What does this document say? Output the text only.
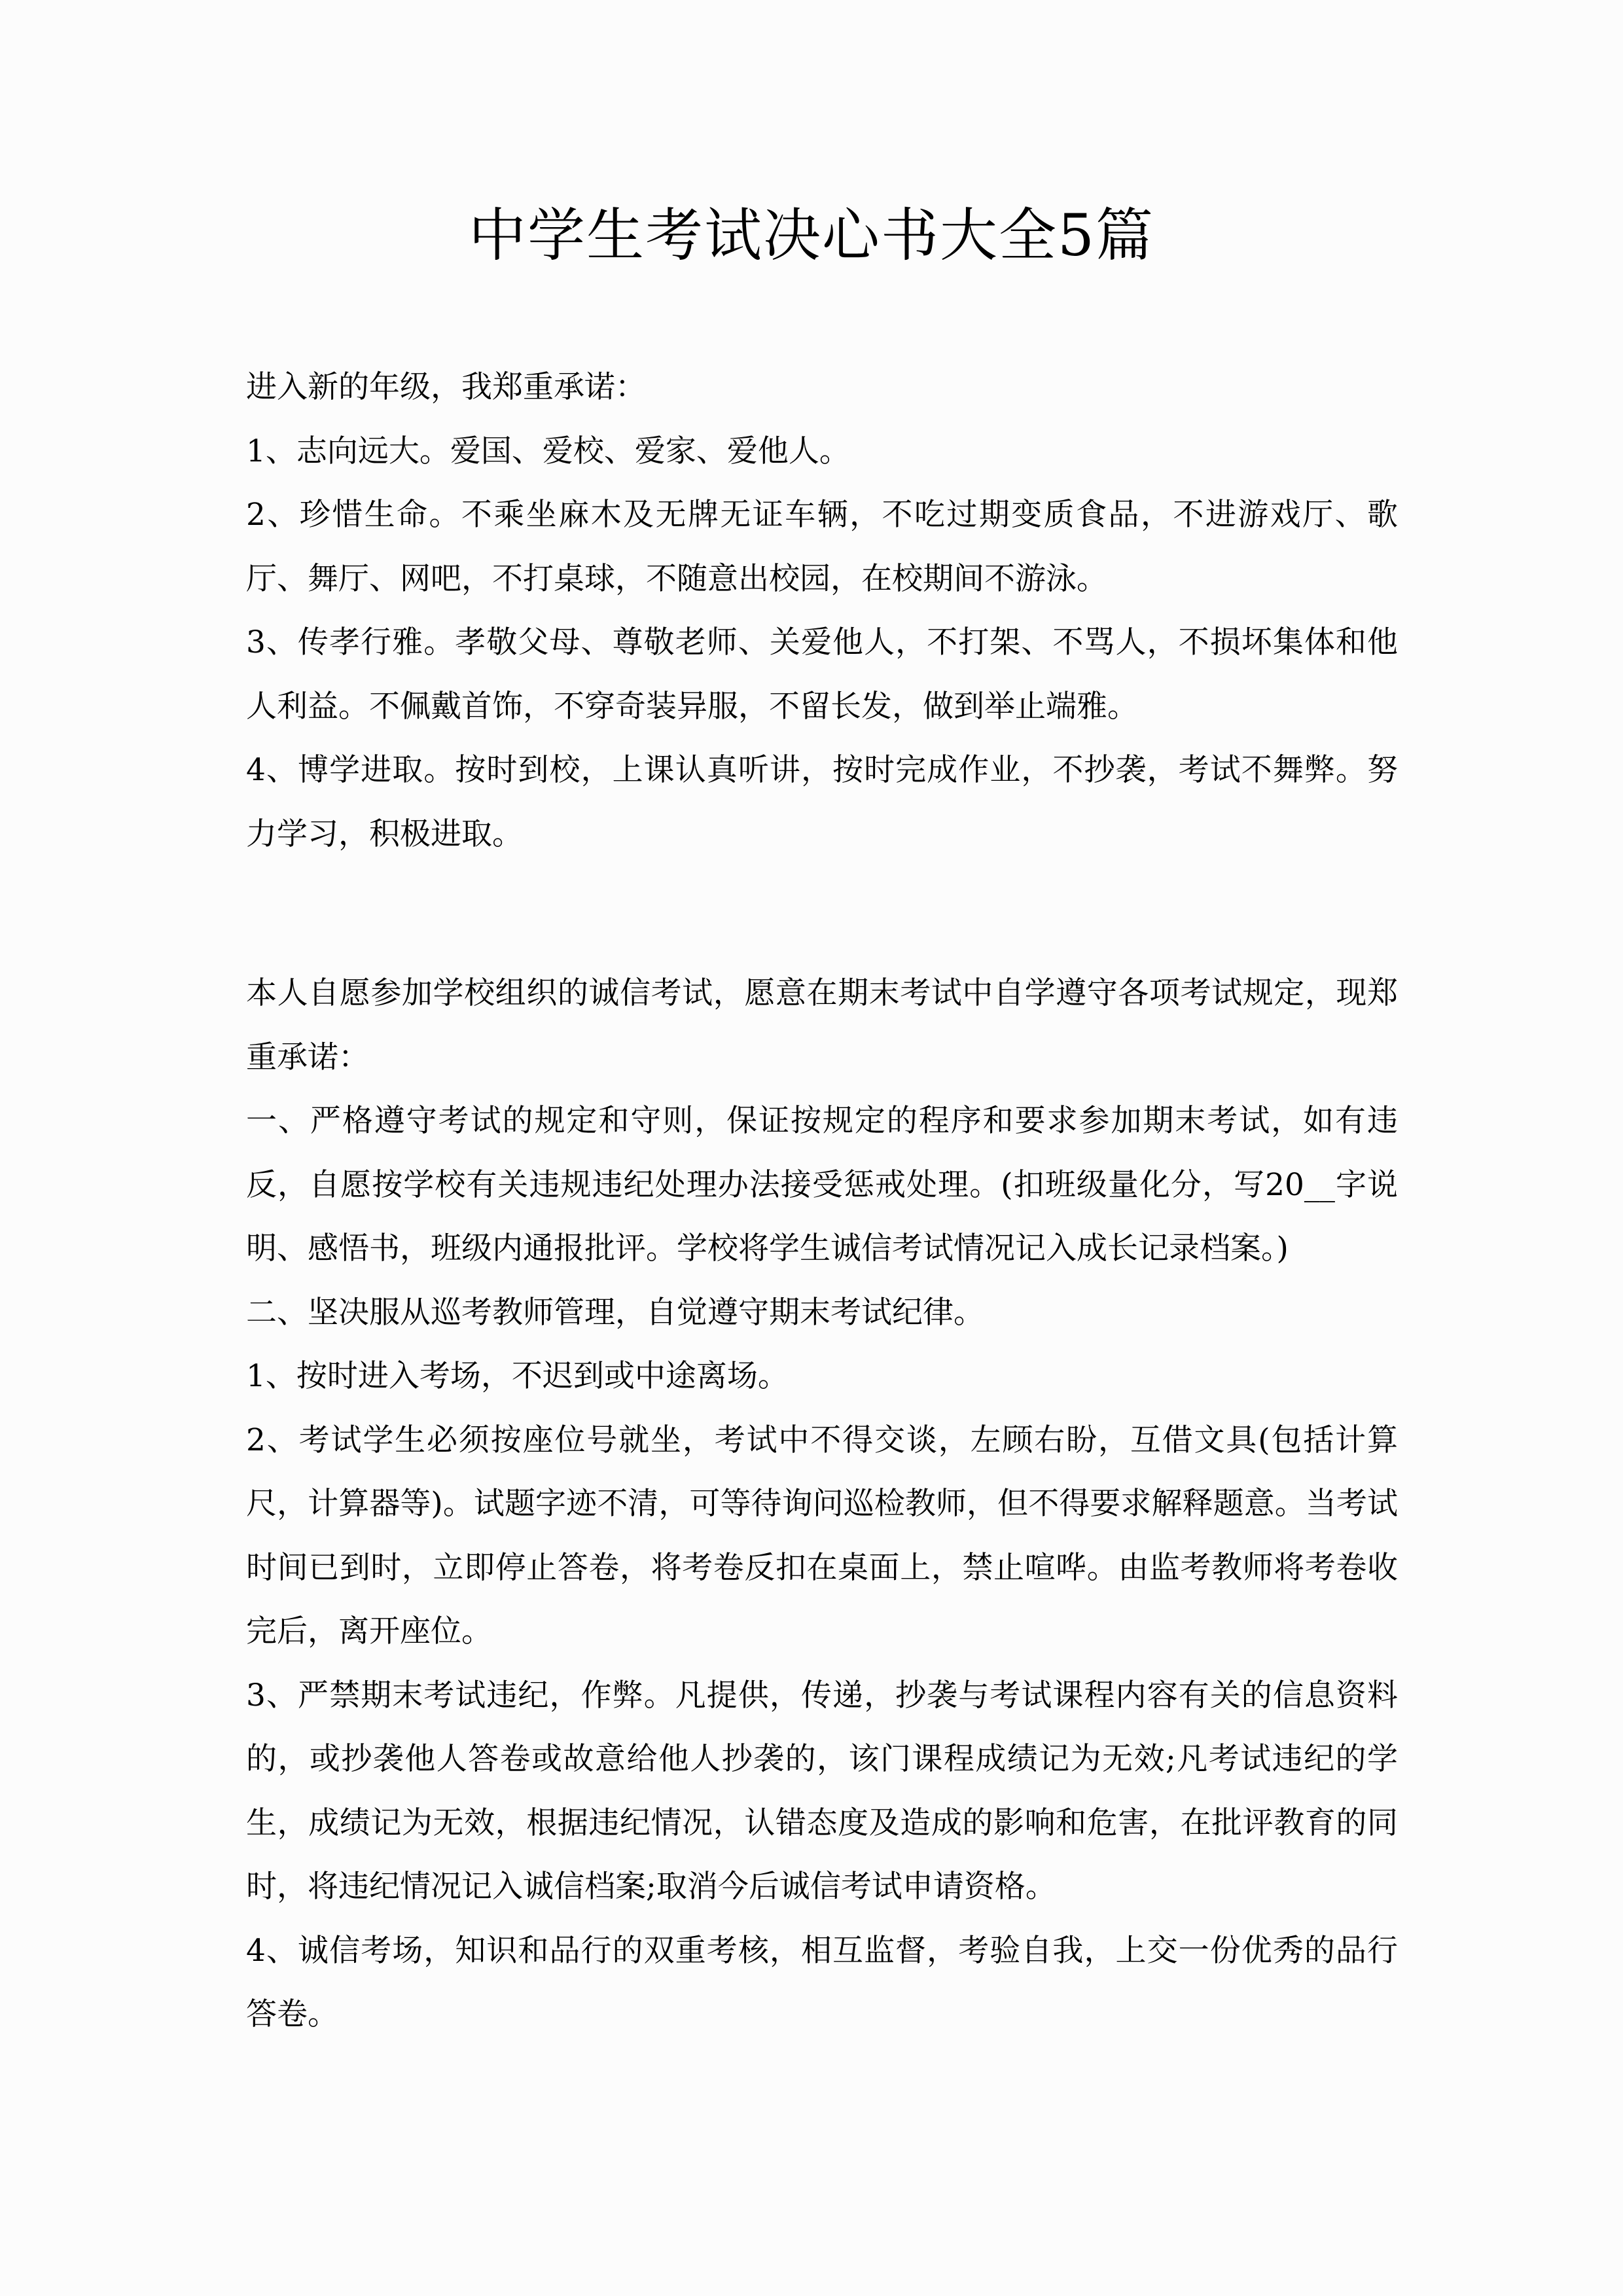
中学生考试决心书大全5篇

进入新的年级，我郑重承诺：

1、志向远大。爱国、爱校、爱家、爱他人。

2、珍惜生命。不乘坐麻木及无牌无证车辆，不吃过期变质食品，不进游戏厅、歌厅、舞厅、网吧，不打桌球，不随意出校园，在校期间不游泳。

3、传孝行雅。孝敬父母、尊敬老师、关爱他人，不打架、不骂人，不损坏集体和他人利益。不佩戴首饰，不穿奇装异服，不留长发，做到举止端雅。

4、博学进取。按时到校，上课认真听讲，按时完成作业，不抄袭，考试不舞弊。努力学习，积极进取。

本人自愿参加学校组织的诚信考试，愿意在期末考试中自学遵守各项考试规定，现郑重承诺：

一、严格遵守考试的规定和守则，保证按规定的程序和要求参加期末考试，如有违反，自愿按学校有关违规违纪处理办法接受惩戒处理。(扣班级量化分，写20__字说明、感悟书，班级内通报批评。学校将学生诚信考试情况记入成长记录档案。)

二、坚决服从巡考教师管理，自觉遵守期末考试纪律。

1、按时进入考场，不迟到或中途离场。

2、考试学生必须按座位号就坐，考试中不得交谈，左顾右盼，互借文具(包括计算尺，计算器等)。试题字迹不清，可等待询问巡检教师，但不得要求解释题意。当考试时间已到时，立即停止答卷，将考卷反扣在桌面上，禁止喧哗。由监考教师将考卷收完后，离开座位。

3、严禁期末考试违纪，作弊。凡提供，传递，抄袭与考试课程内容有关的信息资料的，或抄袭他人答卷或故意给他人抄袭的，该门课程成绩记为无效;凡考试违纪的学生，成绩记为无效，根据违纪情况，认错态度及造成的影响和危害，在批评教育的同时，将违纪情况记入诚信档案;取消今后诚信考试申请资格。

4、诚信考场，知识和品行的双重考核，相互监督，考验自我，上交一份优秀的品行答卷。
